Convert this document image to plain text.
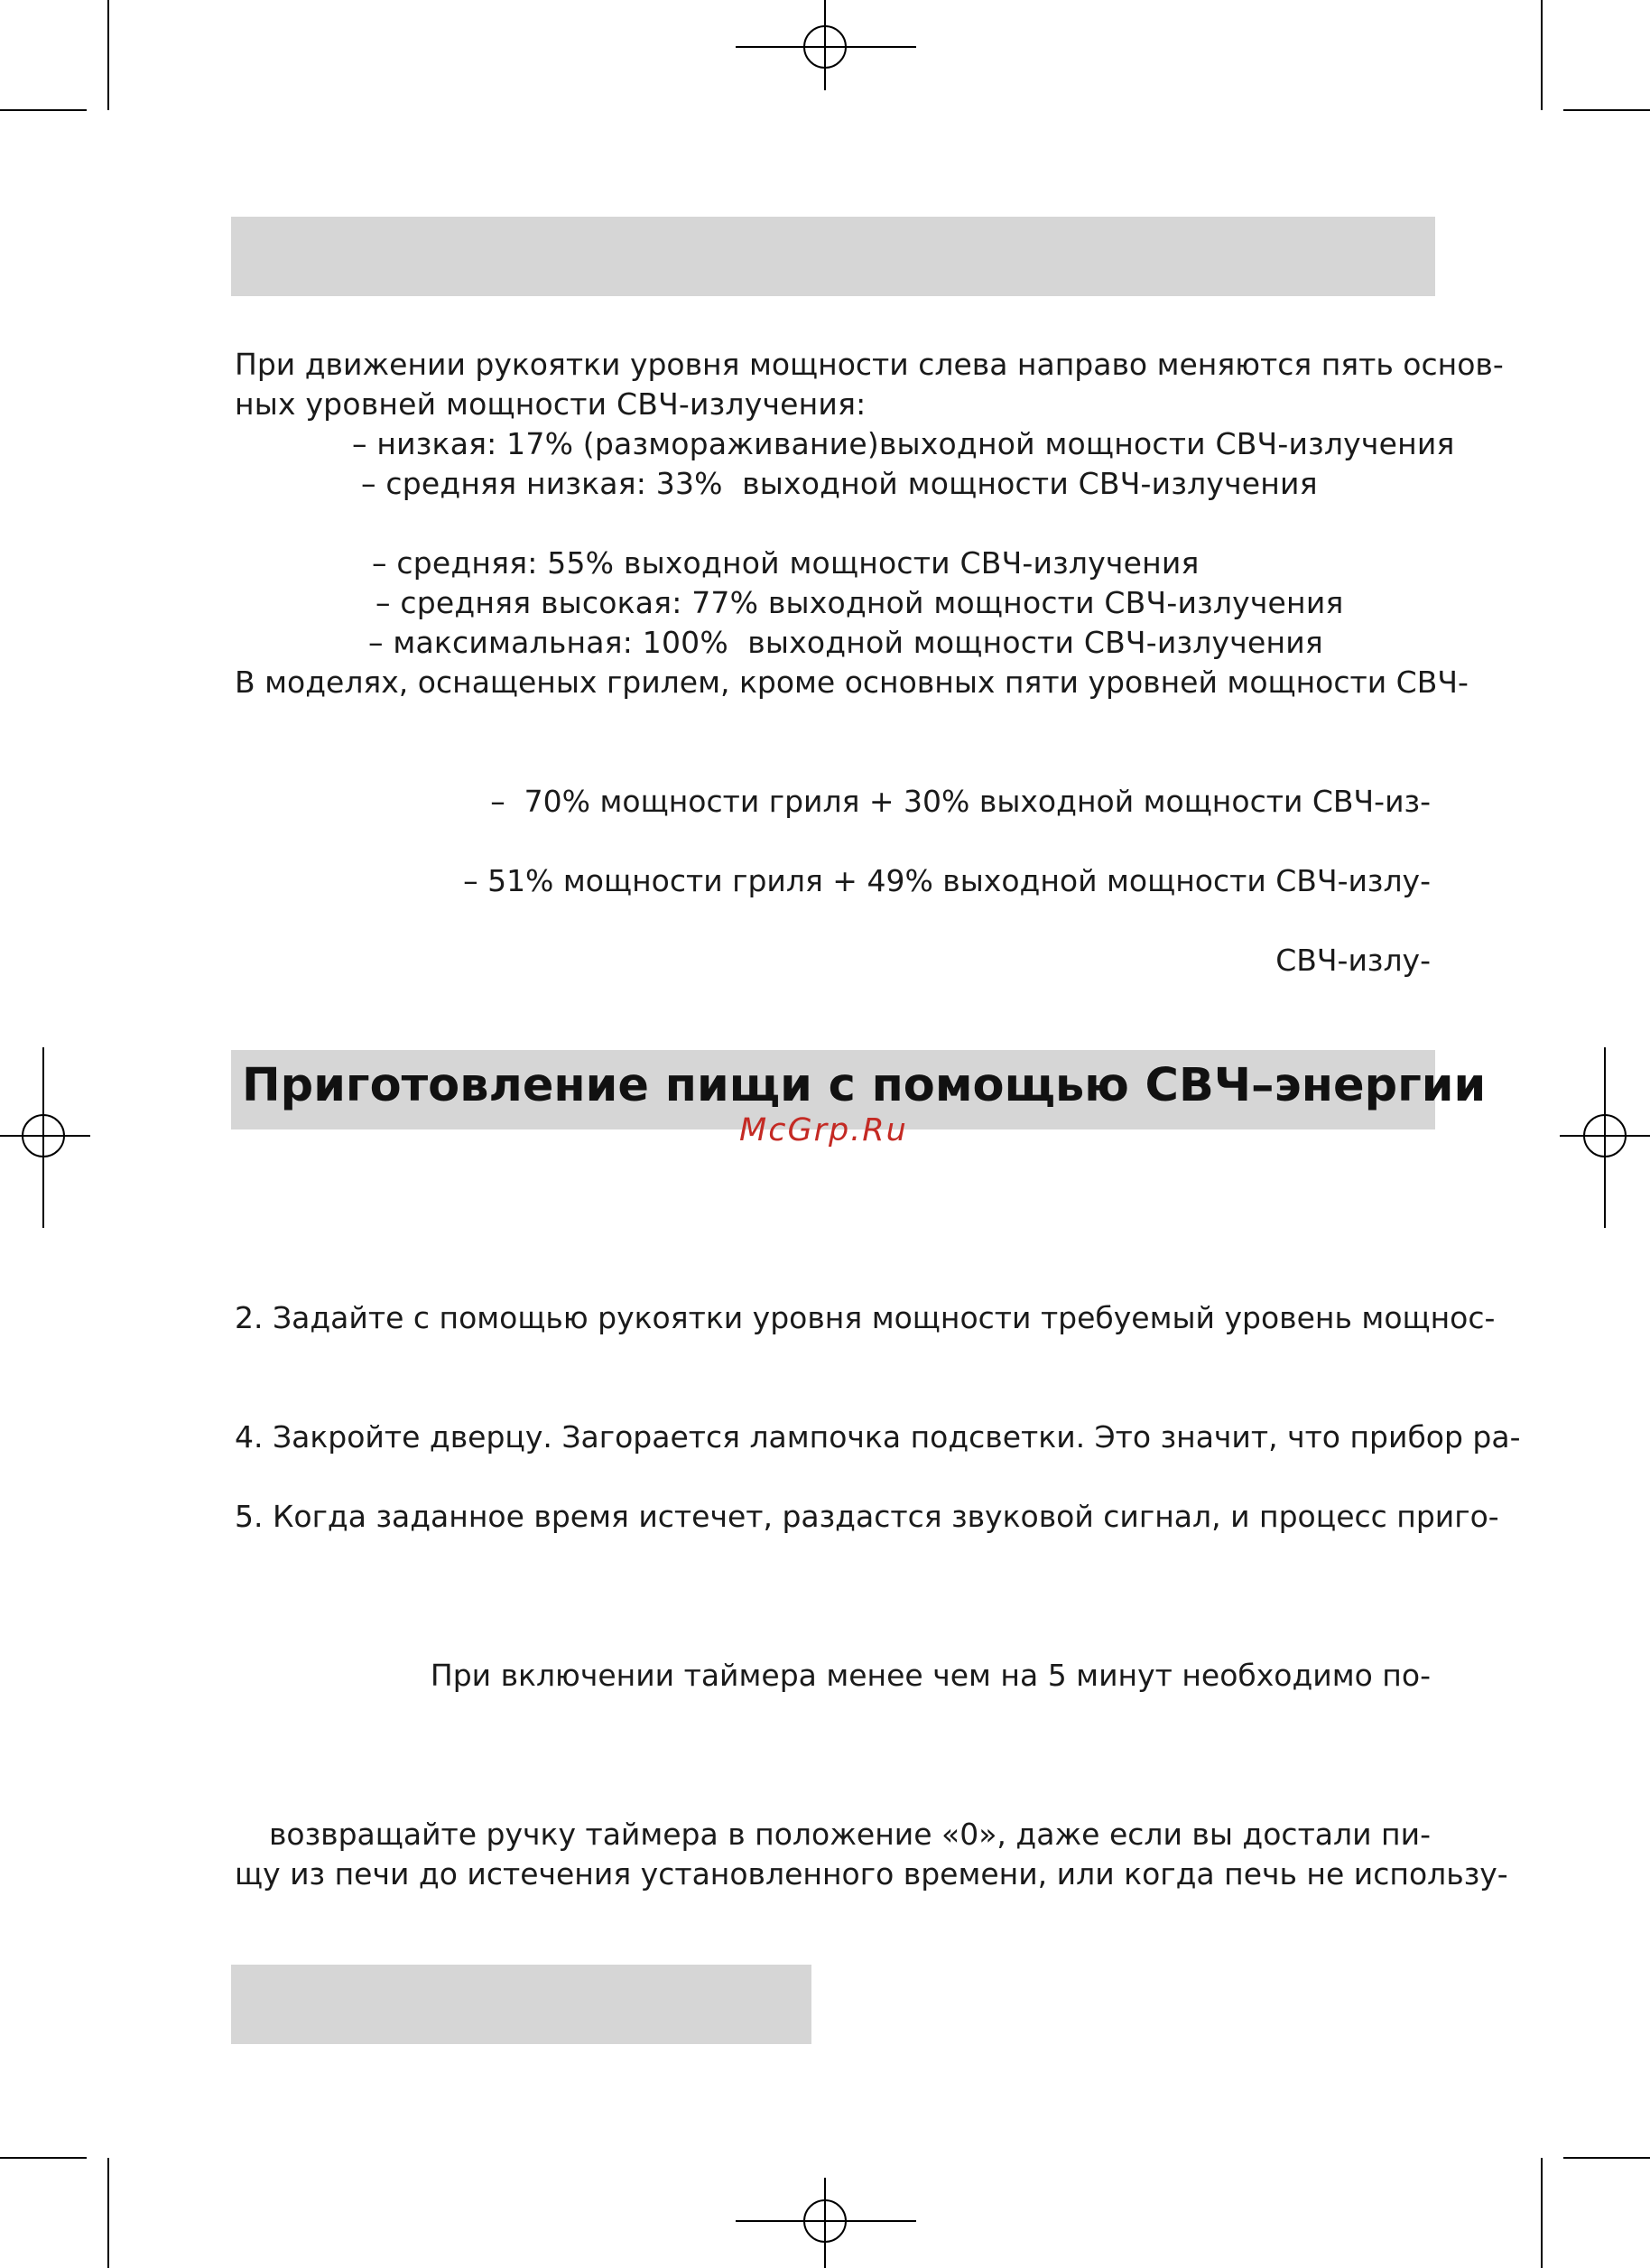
При движении рукоятки уровня мощности слева направо меняются пять основ-
ных уровней мощности СВЧ-излучения:
– низкая: 17% (размораживание)выходной мощности СВЧ-излучения
– средняя низкая: 33%  выходной мощности СВЧ-излучения
– средняя: 55% выходной мощности СВЧ-излучения
– средняя высокая: 77% выходной мощности СВЧ-излучения
– максимальная: 100%  выходной мощности СВЧ-излучения
В моделях, оснащеных грилем, кроме основных пяти уровней мощности СВЧ-
–  70% мощности гриля + 30% выходной мощности СВЧ-из-
– 51% мощности гриля + 49% выходной мощности СВЧ-излу-
СВЧ-излу-
Приготовление пищи с помощью СВЧ–энергии
McGrp.Ru
2. Задайте с помощью рукоятки уровня мощности требуемый уровень мощнос-
4. Закройте дверцу. Загорается лампочка подсветки. Это значит, что прибор ра-
5. Когда заданное время истечет, раздастся звуковой сигнал, и процесс приго-
При включении таймера менее чем на 5 минут необходимо по-
возвращайте ручку таймера в положение «0», даже если вы достали пи-
щу из печи до истечения установленного времени, или когда печь не использу-
